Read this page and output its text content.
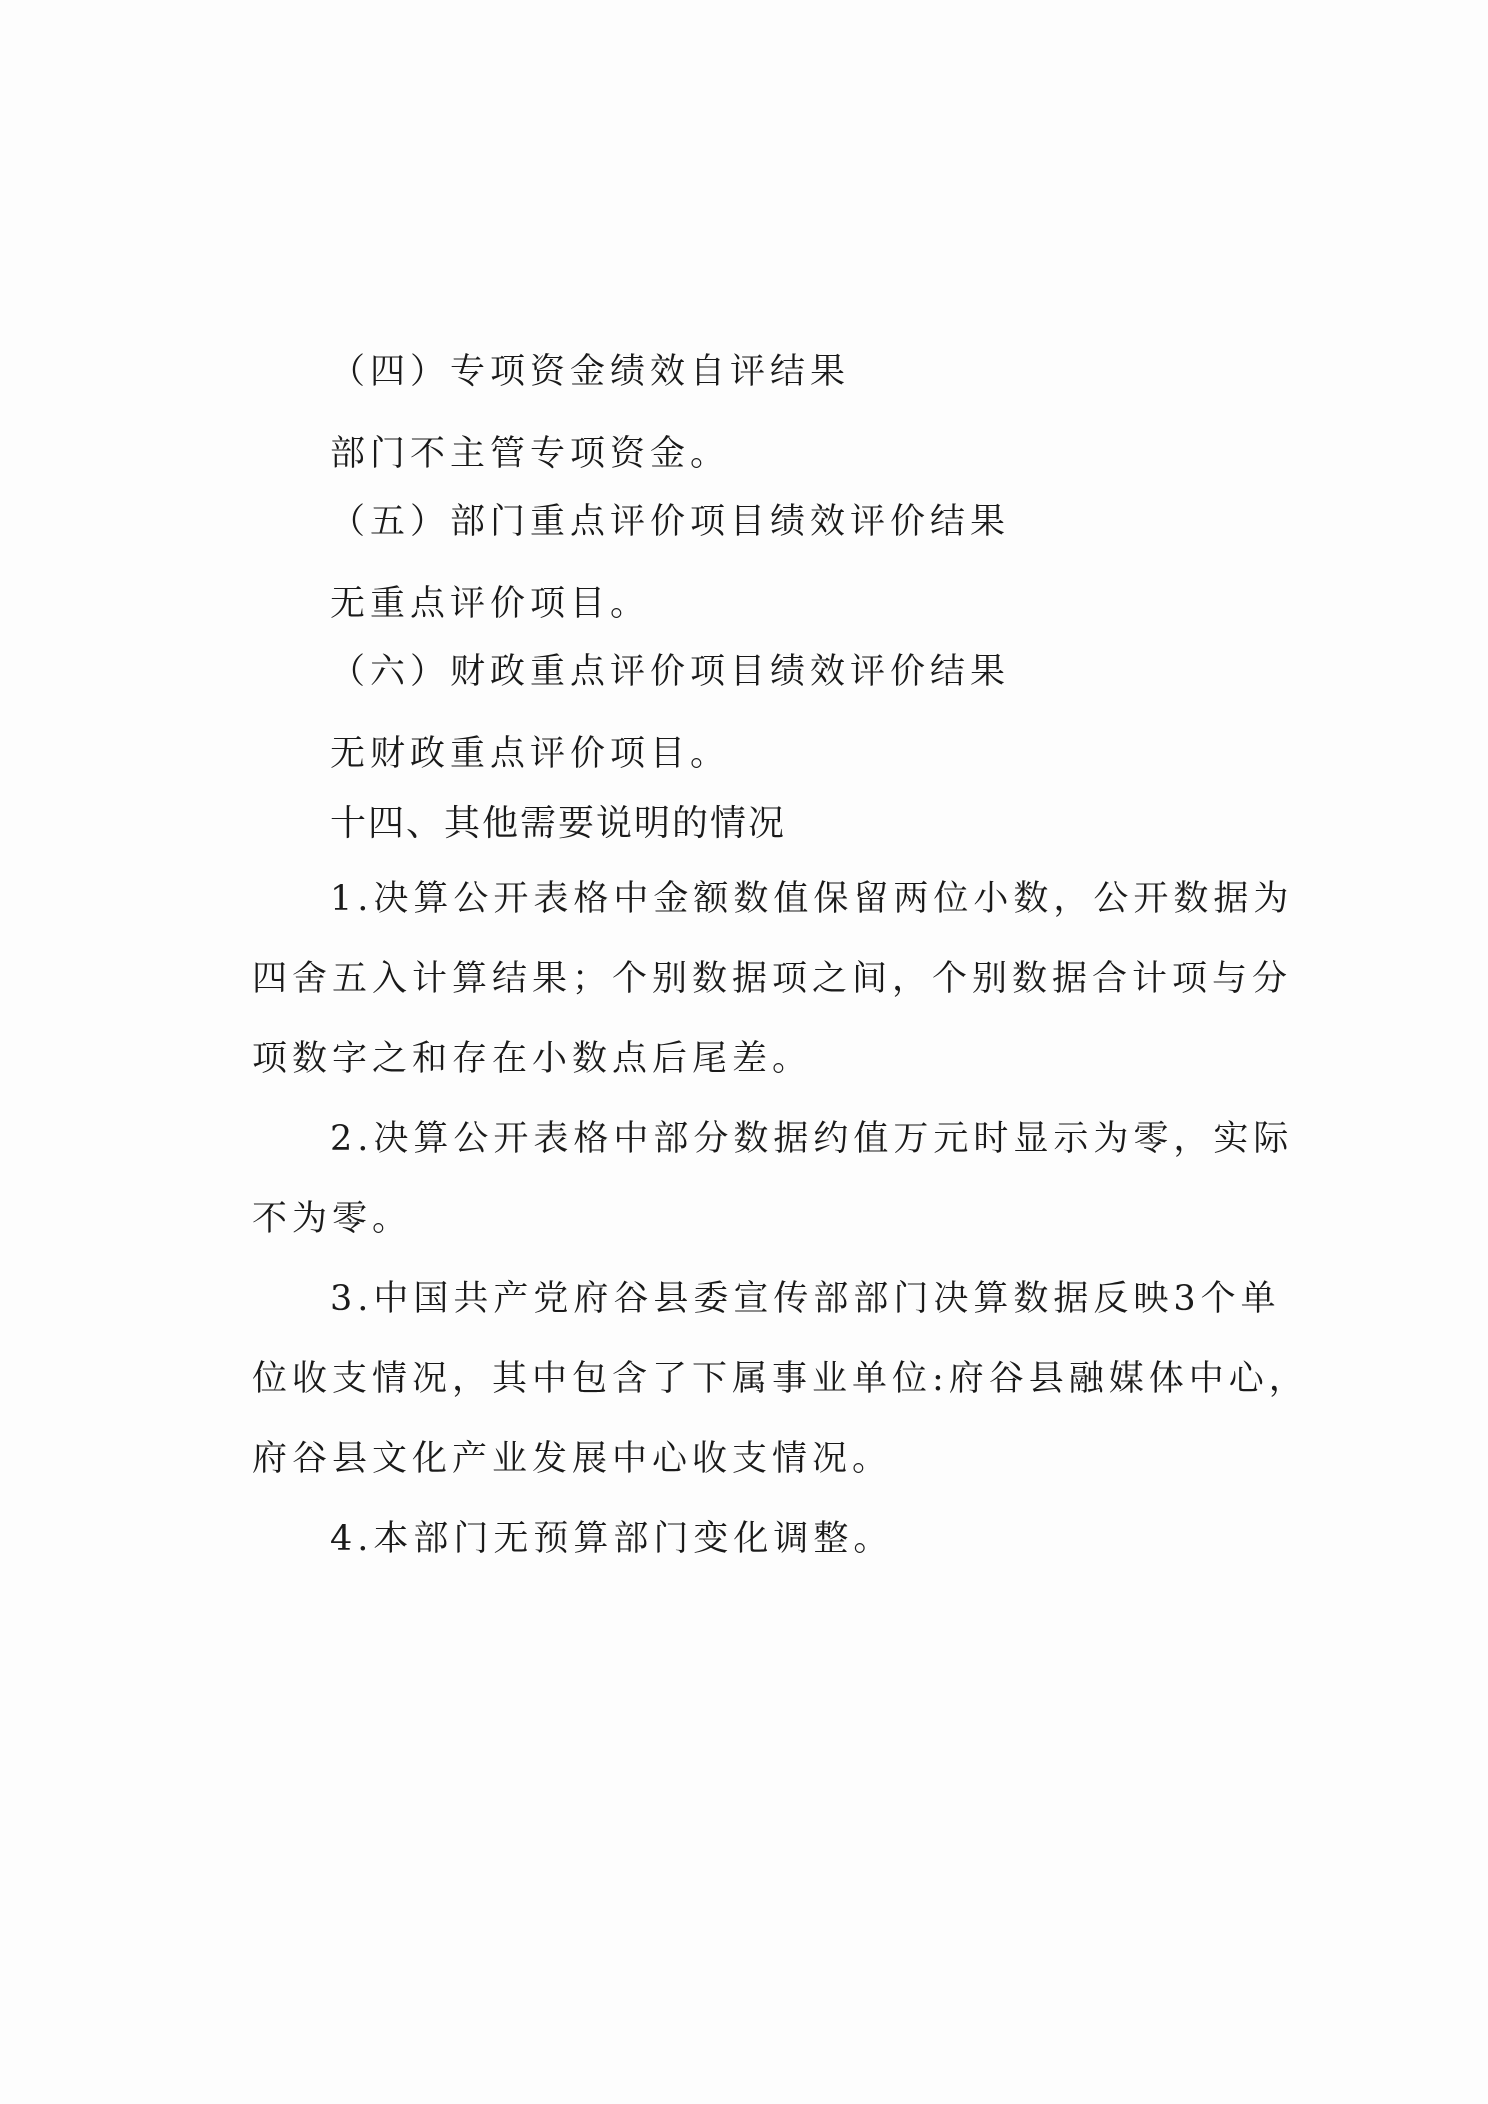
（四）专项资金绩效自评结果
部门不主管专项资金。
（五）部门重点评价项目绩效评价结果
无重点评价项目。
（六）财政重点评价项目绩效评价结果
无财政重点评价项目。
十四、其他需要说明的情况
1.决算公开表格中金额数值保留两位小数，公开数据为
四舍五入计算结果；个别数据项之间，个别数据合计项与分
项数字之和存在小数点后尾差。
2.决算公开表格中部分数据约值万元时显示为零，实际
不为零。
3.中国共产党府谷县委宣传部部门决算数据反映3个单
位收支情况，其中包含了下属事业单位:府谷县融媒体中心，
府谷县文化产业发展中心收支情况。
4.本部门无预算部门变化调整。
